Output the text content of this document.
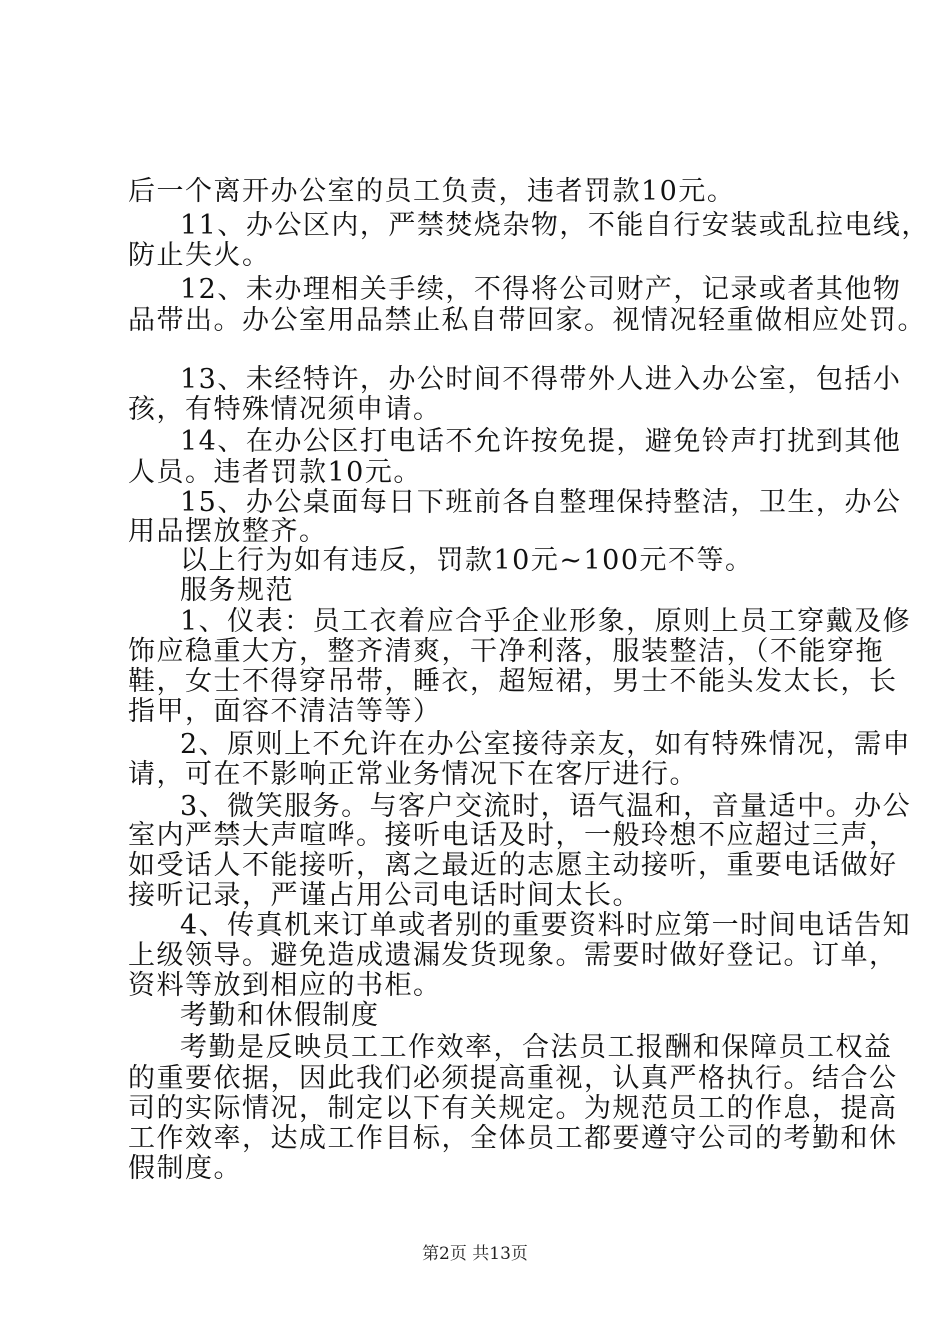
后一个离开办公室的员工负责，违者罚款10元。
11、办公区内，严禁焚烧杂物，不能自行安装或乱拉电线，
防止失火。
12、未办理相关手续，不得将公司财产，记录或者其他物
品带出。办公室用品禁止私自带回家。视情况轻重做相应处罚。
13、未经特许，办公时间不得带外人进入办公室，包括小
孩，有特殊情况须申请。
14、在办公区打电话不允许按免提，避免铃声打扰到其他
人员。违者罚款10元。
15、办公桌面每日下班前各自整理保持整洁，卫生，办公
用品摆放整齐。
以上行为如有违反，罚款10元~100元不等。
服务规范
1、仪表：员工衣着应合乎企业形象，原则上员工穿戴及修
饰应稳重大方，整齐清爽，干净利落，服装整洁，（不能穿拖
鞋，女士不得穿吊带，睡衣，超短裙，男士不能头发太长，长
指甲，面容不清洁等等）
2、原则上不允许在办公室接待亲友，如有特殊情况，需申
请，可在不影响正常业务情况下在客厅进行。
3、微笑服务。与客户交流时，语气温和，音量适中。办公
室内严禁大声喧哗。接听电话及时，一般玲想不应超过三声，
如受话人不能接听，离之最近的志愿主动接听，重要电话做好
接听记录，严谨占用公司电话时间太长。
4、传真机来订单或者别的重要资料时应第一时间电话告知
上级领导。避免造成遗漏发货现象。需要时做好登记。订单，
资料等放到相应的书柜。
考勤和休假制度
考勤是反映员工工作效率，合法员工报酬和保障员工权益
的重要依据，因此我们必须提高重视，认真严格执行。结合公
司的实际情况，制定以下有关规定。为规范员工的作息，提高
工作效率，达成工作目标，全体员工都要遵守公司的考勤和休
假制度。
第2页 共13页
